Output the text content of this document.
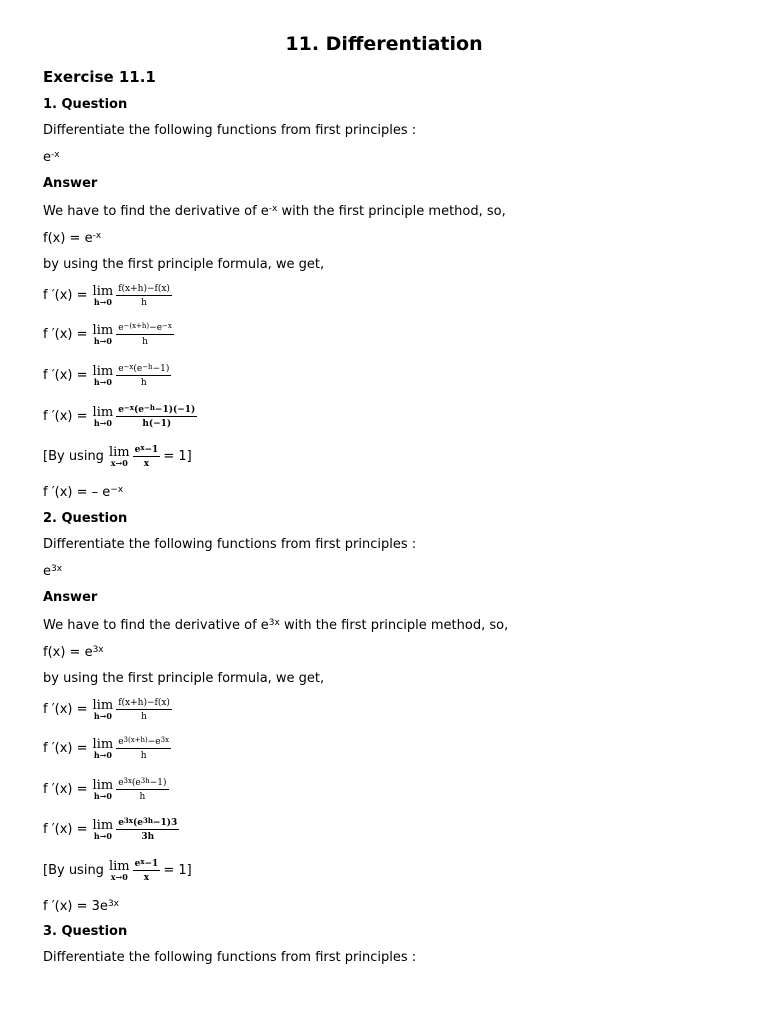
11. Differentiation
Exercise 11.1
1. Question
Differentiate the following functions from first principles :
$e^{-x}$
Answer
We have to find the derivative of $e^{-x}$ with the first principle method, so,
$f(x) = e^{-x}$
by using the first principle formula, we get,
f ′(x) = lim
$h\to 0 \frac{f(x+h)-f(x)}{h}$
f ′(x) = lim
$h\to 0 \frac{e^{-(x+h)}-e^{-x}}{h}$
f ′(x) = lim
$h\to 0 \frac{e^{-x}(e^{-h}-1)}{h}$
f ′(x) = lim
$h\to 0 \frac{e^{-x}(e^{-h}-1)(-1)}{h(-1)}$
[By using lim
$x\to 0 \frac{e^x-1}{x} = 1$]
f ′(x) = – $e^{-x}$
2. Question
Differentiate the following functions from first principles :
$e^{3x}$
Answer
We have to find the derivative of $e^{3x}$ with the first principle method, so,
$f(x) = e^{3x}$
by using the first principle formula, we get,
f ′(x) = lim
$h\to 0 \frac{f(x+h)-f(x)}{h}$
f ′(x) = lim
$h\to 0 \frac{e^{3(x+h)}-e^{3x}}{h}$
f ′(x) = lim
$h\to 0 \frac{e^{3x}(e^{3h}-1)}{h}$
f ′(x) = lim
$h\to 0 \frac{e^{3x}(e^{3h}-1)3}{3h}$
[By using lim
$x\to 0 \frac{e^x-1}{x} = 1$]
f $'(x) = 3e^{3x}$
3. Question
Differentiate the following functions from first principles :
